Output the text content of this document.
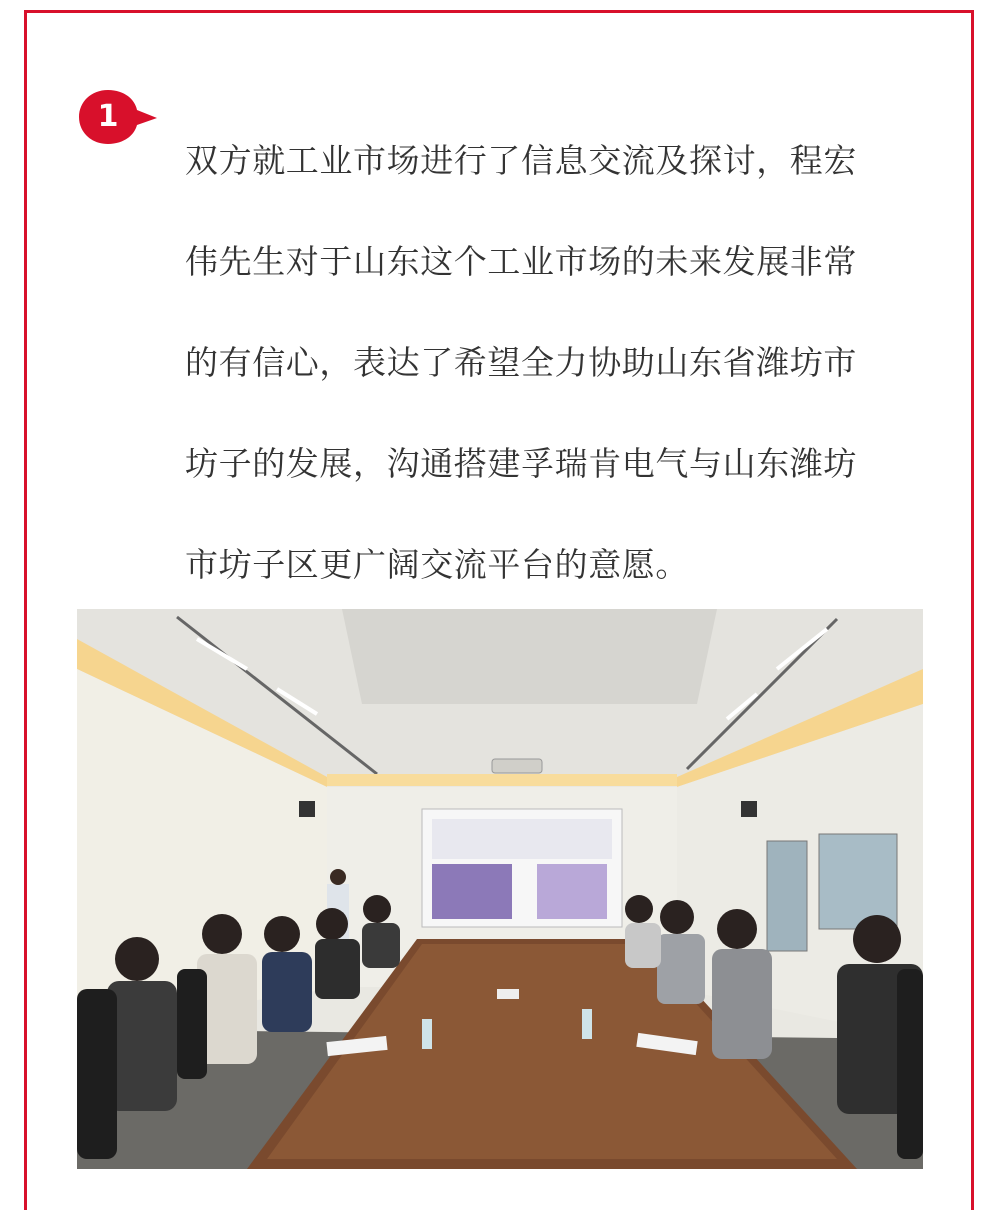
1

双方就工业市场进行了信息交流及探讨，程宏
伟先生对于山东这个工业市场的未来发展非常
的有信心，表达了希望全力协助山东省潍坊市
坊子的发展，沟通搭建孚瑞肯电气与山东潍坊
市坊子区更广阔交流平台的意愿。
